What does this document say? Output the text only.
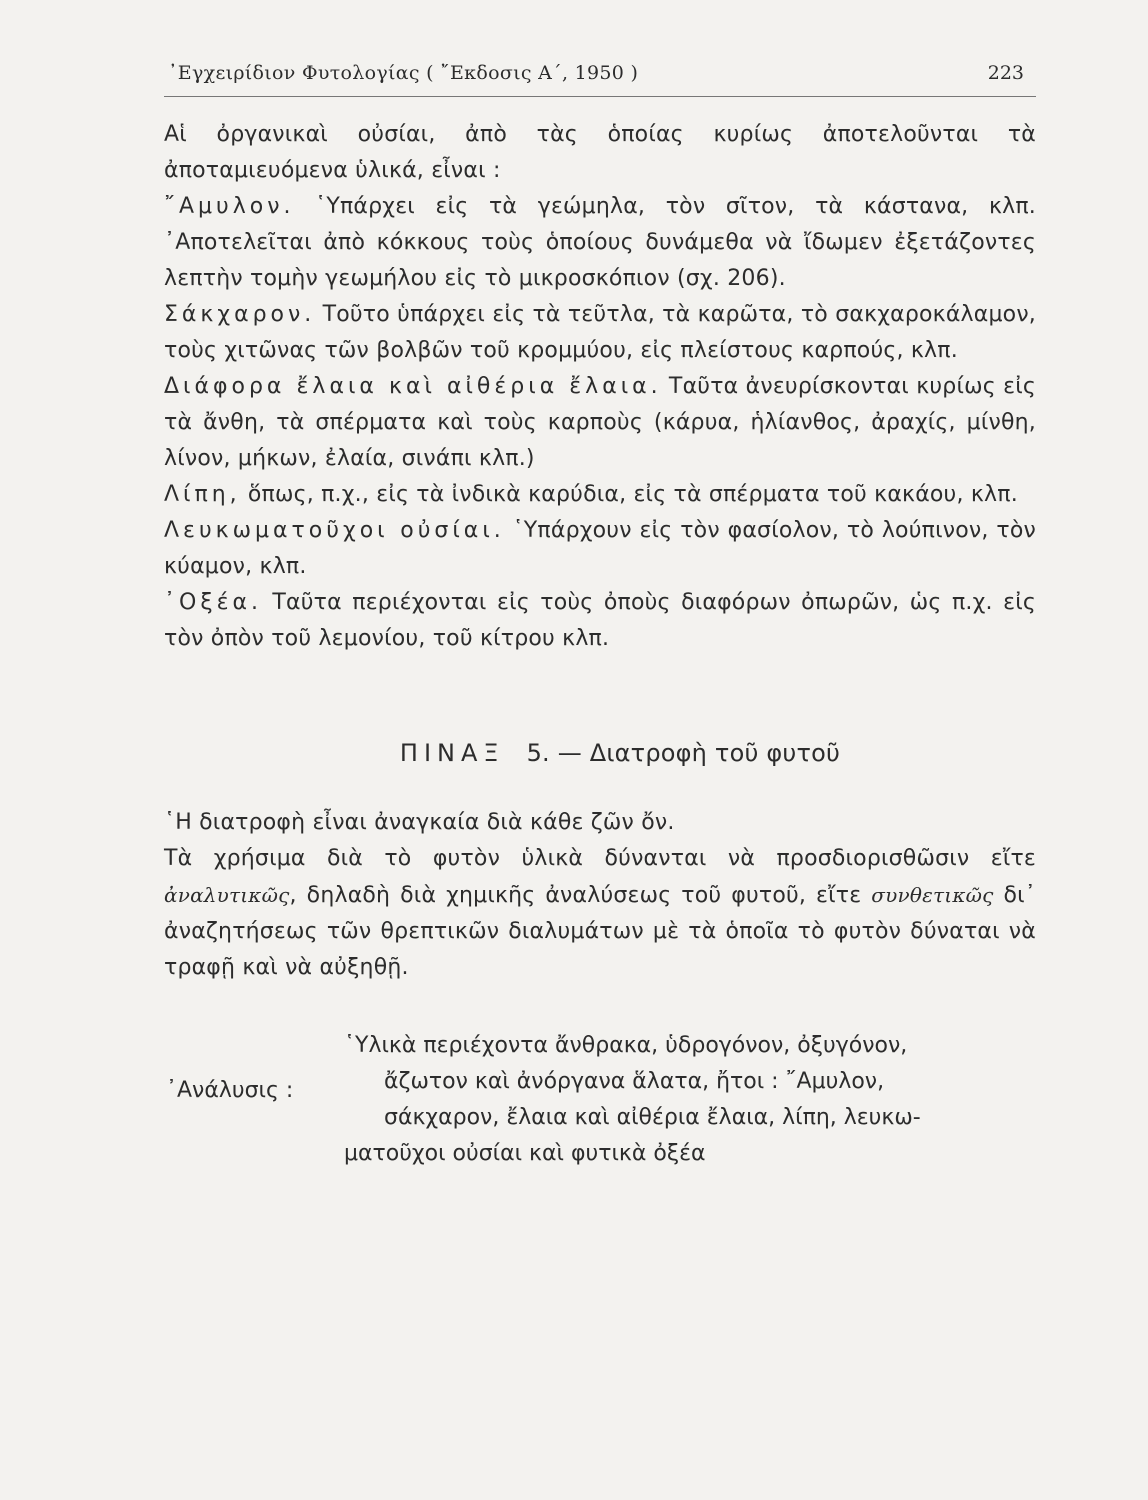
᾿Εγχειρίδιον Φυτολογίας ( ῎Εκδοσις Α΄, 1950 )	223

Αἱ ὀργανικαὶ οὐσίαι, ἀπὸ τὰς ὁποίας κυρίως ἀποτελοῦνται τὰ ἀποταμιευόμενα ὑλικά, εἶναι :

῎Αμυλον. ῾Υπάρχει εἰς τὰ γεώμηλα, τὸν σῖτον, τὰ κάστανα, κλπ. ᾿Αποτελεῖται ἀπὸ κόκκους τοὺς ὁποίους δυνάμεθα νὰ ἴδωμεν ἐξετάζοντες λεπτὴν τομὴν γεωμήλου εἰς τὸ μικροσκόπιον (σχ. 206).

Σάκχαρον. Τοῦτο ὑπάρχει εἰς τὰ τεῦτλα, τὰ καρῶτα, τὸ σακχαροκάλαμον, τοὺς χιτῶνας τῶν βολβῶν τοῦ κρομμύου, εἰς πλείστους καρπούς, κλπ.

Διάφορα ἔλαια καὶ αἰθέρια ἔλαια. Ταῦτα ἀνευρίσκονται κυρίως εἰς τὰ ἄνθη, τὰ σπέρματα καὶ τοὺς καρποὺς (κάρυα, ἡλίανθος, ἀραχίς, μίνθη, λίνον, μήκων, ἐλαία, σινάπι κλπ.)

Λίπη, ὅπως, π.χ., εἰς τὰ ἰνδικὰ καρύδια, εἰς τὰ σπέρματα τοῦ κακάου, κλπ.

Λευκωματοῦχοι οὐσίαι. ῾Υπάρχουν εἰς τὸν φασίολον, τὸ λούπινον, τὸν κύαμον, κλπ.

᾿Οξέα. Ταῦτα περιέχονται εἰς τοὺς ὀποὺς διαφόρων ὀπωρῶν, ὡς π.χ. εἰς τὸν ὀπὸν τοῦ λεμονίου, τοῦ κίτρου κλπ.

ΠΙΝΑΞ 5. — Διατροφὴ τοῦ φυτοῦ

῾Η διατροφὴ εἶναι ἀναγκαία διὰ κάθε ζῶν ὄν.

Τὰ χρήσιμα διὰ τὸ φυτὸν ὑλικὰ δύνανται νὰ προσδιορισθῶσιν εἴτε ἀναλυτικῶς, δηλαδὴ διὰ χημικῆς ἀναλύσεως τοῦ φυτοῦ, εἴτε συνθετικῶς δι᾿ ἀναζητήσεως τῶν θρεπτικῶν διαλυμάτων μὲ τὰ ὁποῖα τὸ φυτὸν δύναται νὰ τραφῇ καὶ νὰ αὐξηθῇ.

᾿Ανάλυσις :
῾Υλικὰ περιέχοντα ἄνθρακα, ὑδρογόνον, ὀξυγόνον,
ἄζωτον καὶ ἀνόργανα ἅλατα, ἤτοι : ῎Αμυλον,
σάκχαρον, ἔλαια καὶ αἰθέρια ἔλαια, λίπη, λευκω-
ματοῦχοι οὐσίαι καὶ φυτικὰ ὀξέα
